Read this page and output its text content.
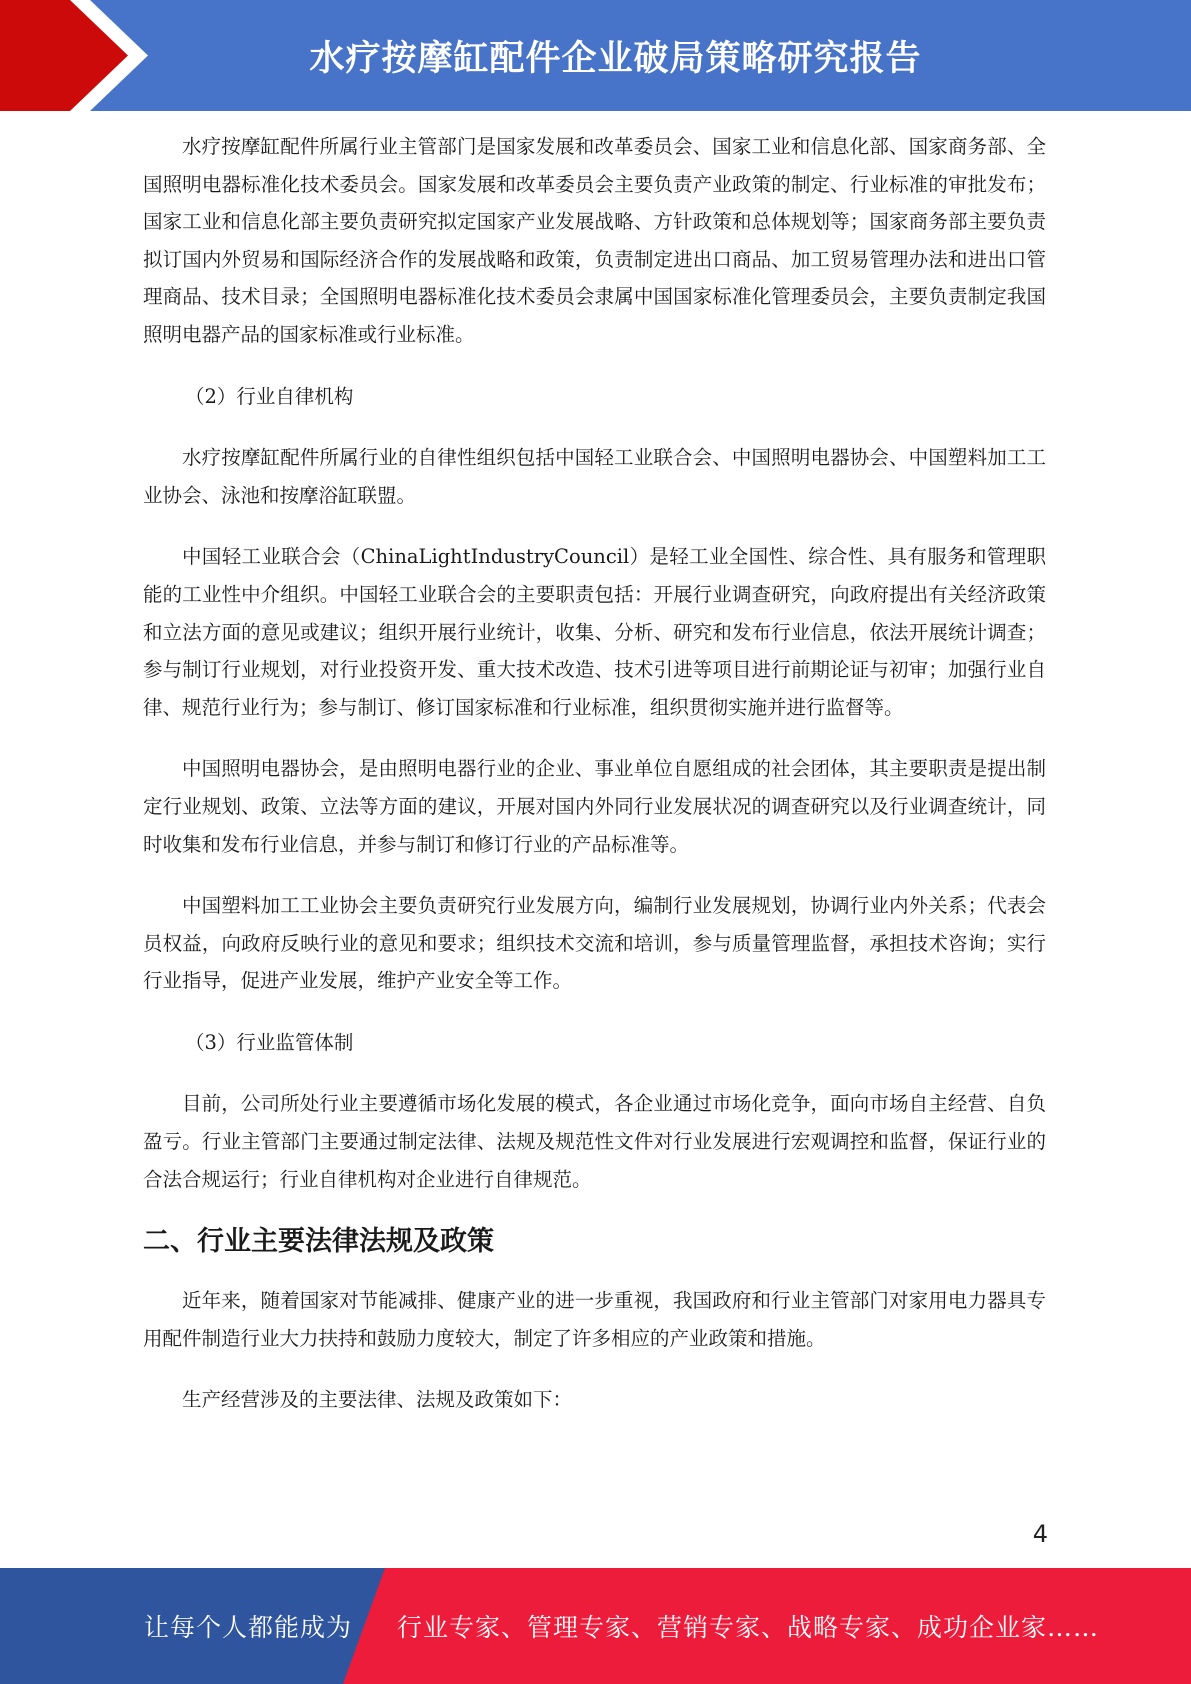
水疗按摩缸配件企业破局策略研究报告

水疗按摩缸配件所属行业主管部门是国家发展和改革委员会、国家工业和信息化部、国家商务部、全国照明电器标准化技术委员会。国家发展和改革委员会主要负责产业政策的制定、行业标准的审批发布；国家工业和信息化部主要负责研究拟定国家产业发展战略、方针政策和总体规划等；国家商务部主要负责拟订国内外贸易和国际经济合作的发展战略和政策，负责制定进出口商品、加工贸易管理办法和进出口管理商品、技术目录；全国照明电器标准化技术委员会隶属中国国家标准化管理委员会，主要负责制定我国照明电器产品的国家标准或行业标准。

（2）行业自律机构

水疗按摩缸配件所属行业的自律性组织包括中国轻工业联合会、中国照明电器协会、中国塑料加工工业协会、泳池和按摩浴缸联盟。

中国轻工业联合会（ChinaLightIndustryCouncil）是轻工业全国性、综合性、具有服务和管理职能的工业性中介组织。中国轻工业联合会的主要职责包括：开展行业调查研究，向政府提出有关经济政策和立法方面的意见或建议；组织开展行业统计，收集、分析、研究和发布行业信息，依法开展统计调查；参与制订行业规划，对行业投资开发、重大技术改造、技术引进等项目进行前期论证与初审；加强行业自律、规范行业行为；参与制订、修订国家标准和行业标准，组织贯彻实施并进行监督等。

中国照明电器协会，是由照明电器行业的企业、事业单位自愿组成的社会团体，其主要职责是提出制定行业规划、政策、立法等方面的建议，开展对国内外同行业发展状况的调查研究以及行业调查统计，同时收集和发布行业信息，并参与制订和修订行业的产品标准等。

中国塑料加工工业协会主要负责研究行业发展方向，编制行业发展规划，协调行业内外关系；代表会员权益，向政府反映行业的意见和要求；组织技术交流和培训，参与质量管理监督，承担技术咨询；实行行业指导，促进产业发展，维护产业安全等工作。

（3）行业监管体制

目前，公司所处行业主要遵循市场化发展的模式，各企业通过市场化竞争，面向市场自主经营、自负盈亏。行业主管部门主要通过制定法律、法规及规范性文件对行业发展进行宏观调控和监督，保证行业的合法合规运行；行业自律机构对企业进行自律规范。

二、行业主要法律法规及政策

近年来，随着国家对节能减排、健康产业的进一步重视，我国政府和行业主管部门对家用电力器具专用配件制造行业大力扶持和鼓励力度较大，制定了许多相应的产业政策和措施。

生产经营涉及的主要法律、法规及政策如下：

4
让每个人都能成为 行业专家、管理专家、营销专家、战略专家、成功企业家……
